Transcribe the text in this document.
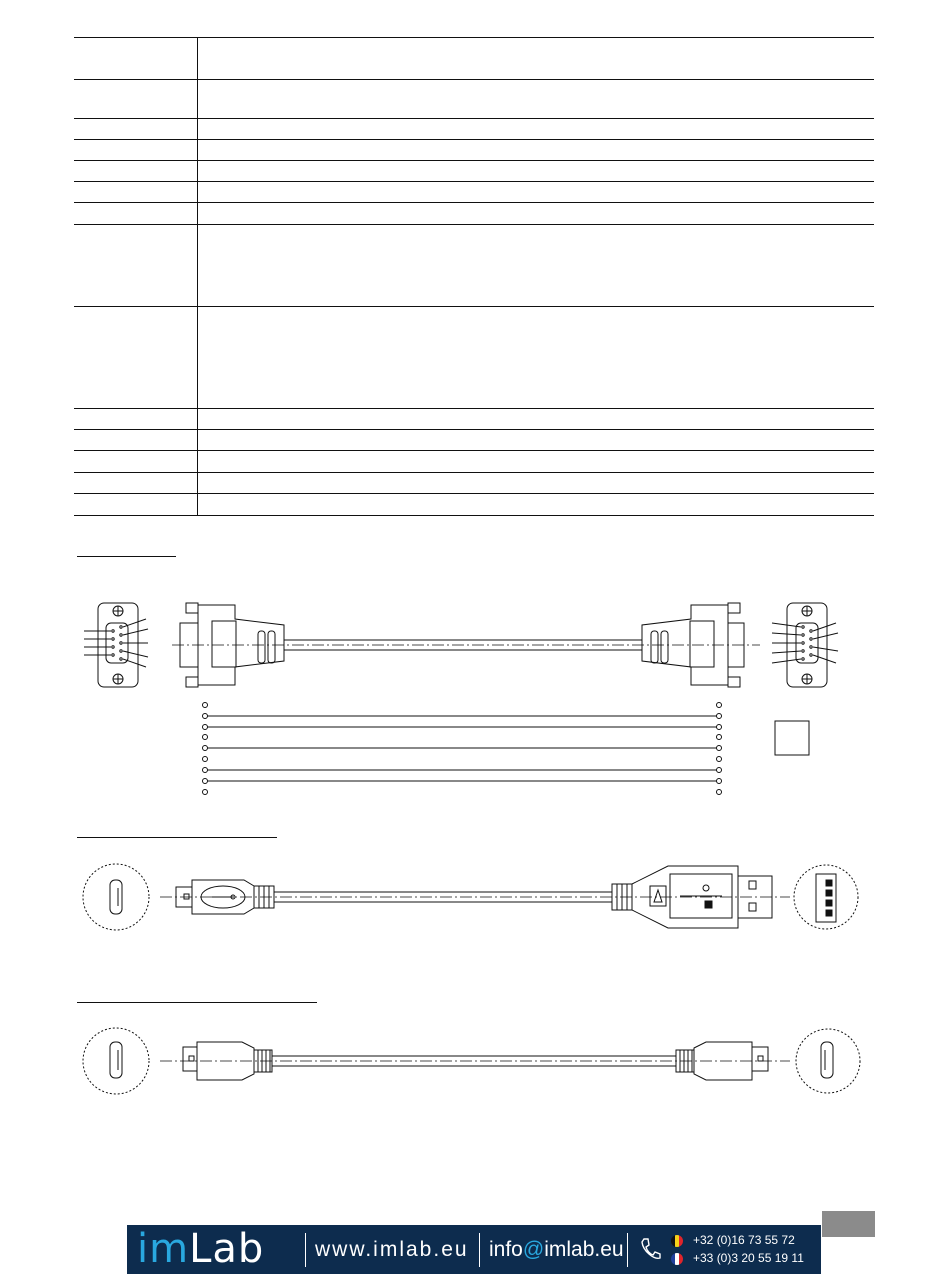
imLab www.imlab.eu info@imlab.eu	+32 (0)16 73 55 72
+33 (0)3 20 55 19 11
